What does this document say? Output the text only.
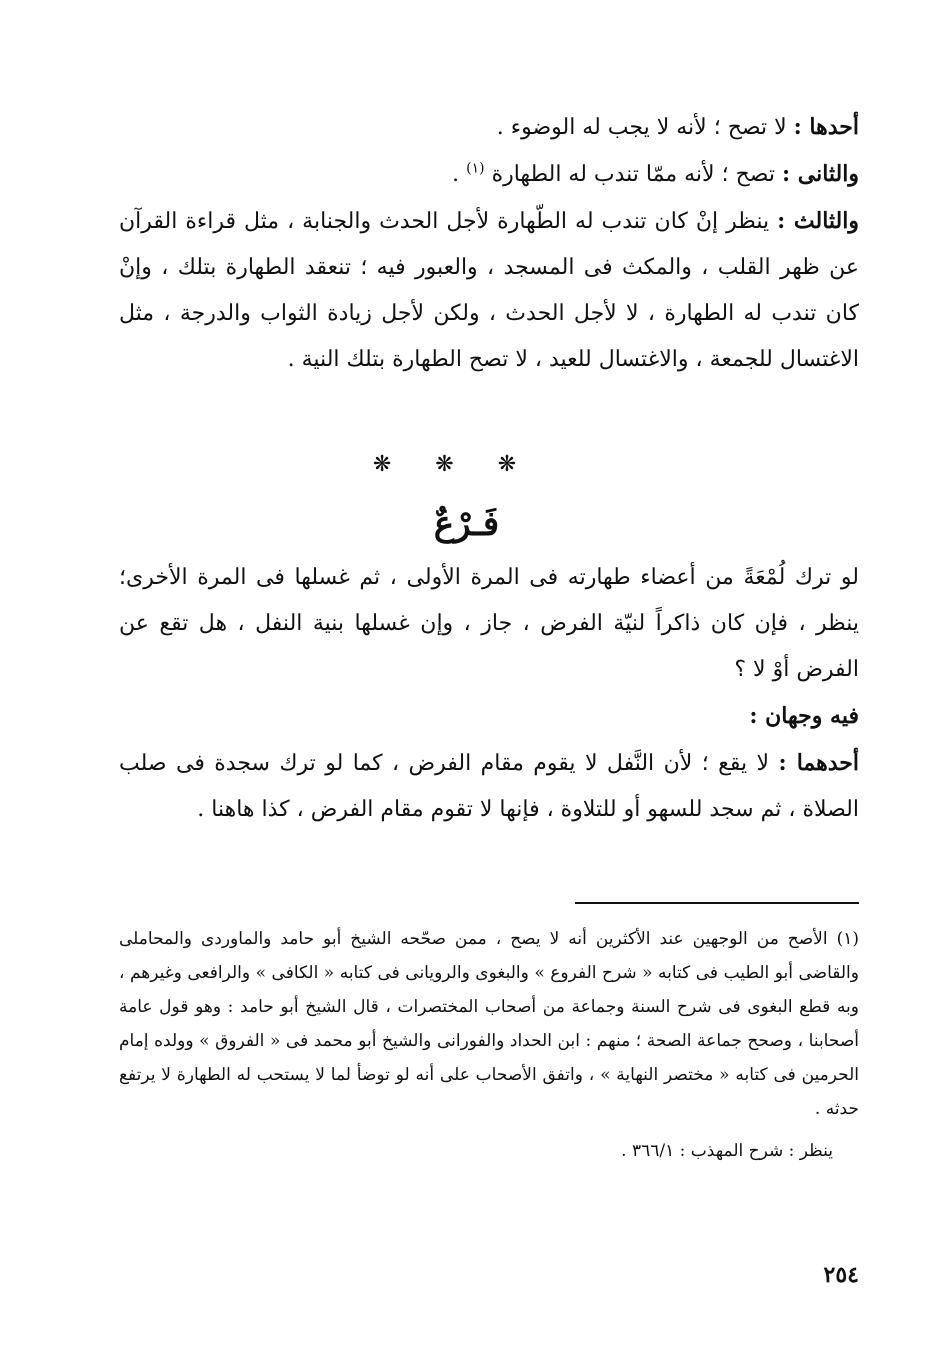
أحدها : لا تصح ؛ لأنه لا يجب له الوضوء .

والثانى : تصح ؛ لأنه ممّا تندب له الطهارة $^{(١)}$ .

والثالث : ينظر إنْ كان تندب له الطّهارة لأجل الحدث والجنابة ، مثل قراءة القرآن عن ظهر القلب ، والمكث فى المسجد ، والعبور فيه ؛ تنعقد الطهارة بتلك ، وإنْ كان تندب له الطهارة ، لا لأجل الحدث ، ولكن لأجل زيادة الثواب والدرجة ، مثل الاغتسال للجمعة ، والاغتسال للعيد ، لا تصح الطهارة بتلك النية .

❋❋❋
فَـرْعٌ

لو ترك لُمْعَةً من أعضاء طهارته فى المرة الأولى ، ثم غسلها فى المرة الأخرى؛ ينظر ، فإن كان ذاكراً لنيّة الفرض ، جاز ، وإن غسلها بنية النفل ، هل تقع عن الفرض أوْ لا ؟

فيه وجهان :

أحدهما : لا يقع ؛ لأن النَّفل لا يقوم مقام الفرض ، كما لو ترك سجدة فى صلب الصلاة ، ثم سجد للسهو أو للتلاوة ، فإنها لا تقوم مقام الفرض ، كذا هاهنا .

(١) الأصح من الوجهين عند الأكثرين أنه لا يصح ، ممن صحّحه الشيخ أبو حامد والماوردى والمحاملى والقاضى أبو الطيب فى كتابه « شرح الفروع » والبغوى والرويانى فى كتابه « الكافى » والرافعى وغيرهم ، وبه قطع البغوى فى شرح السنة وجماعة من أصحاب المختصرات ، قال الشيخ أبو حامد : وهو قول عامة أصحابنا ، وصحح جماعة الصحة ؛ منهم : ابن الحداد والفورانى والشيخ أبو محمد فى « الفروق » وولده إمام الحرمين فى كتابه « مختصر النهاية » ، واتفق الأصحاب على أنه لو توضأ لما لا يستحب له الطهارة لا يرتفع حدثه .

ينظر : شرح المهذب : ٣٦٦/١ .

٢٥٤
